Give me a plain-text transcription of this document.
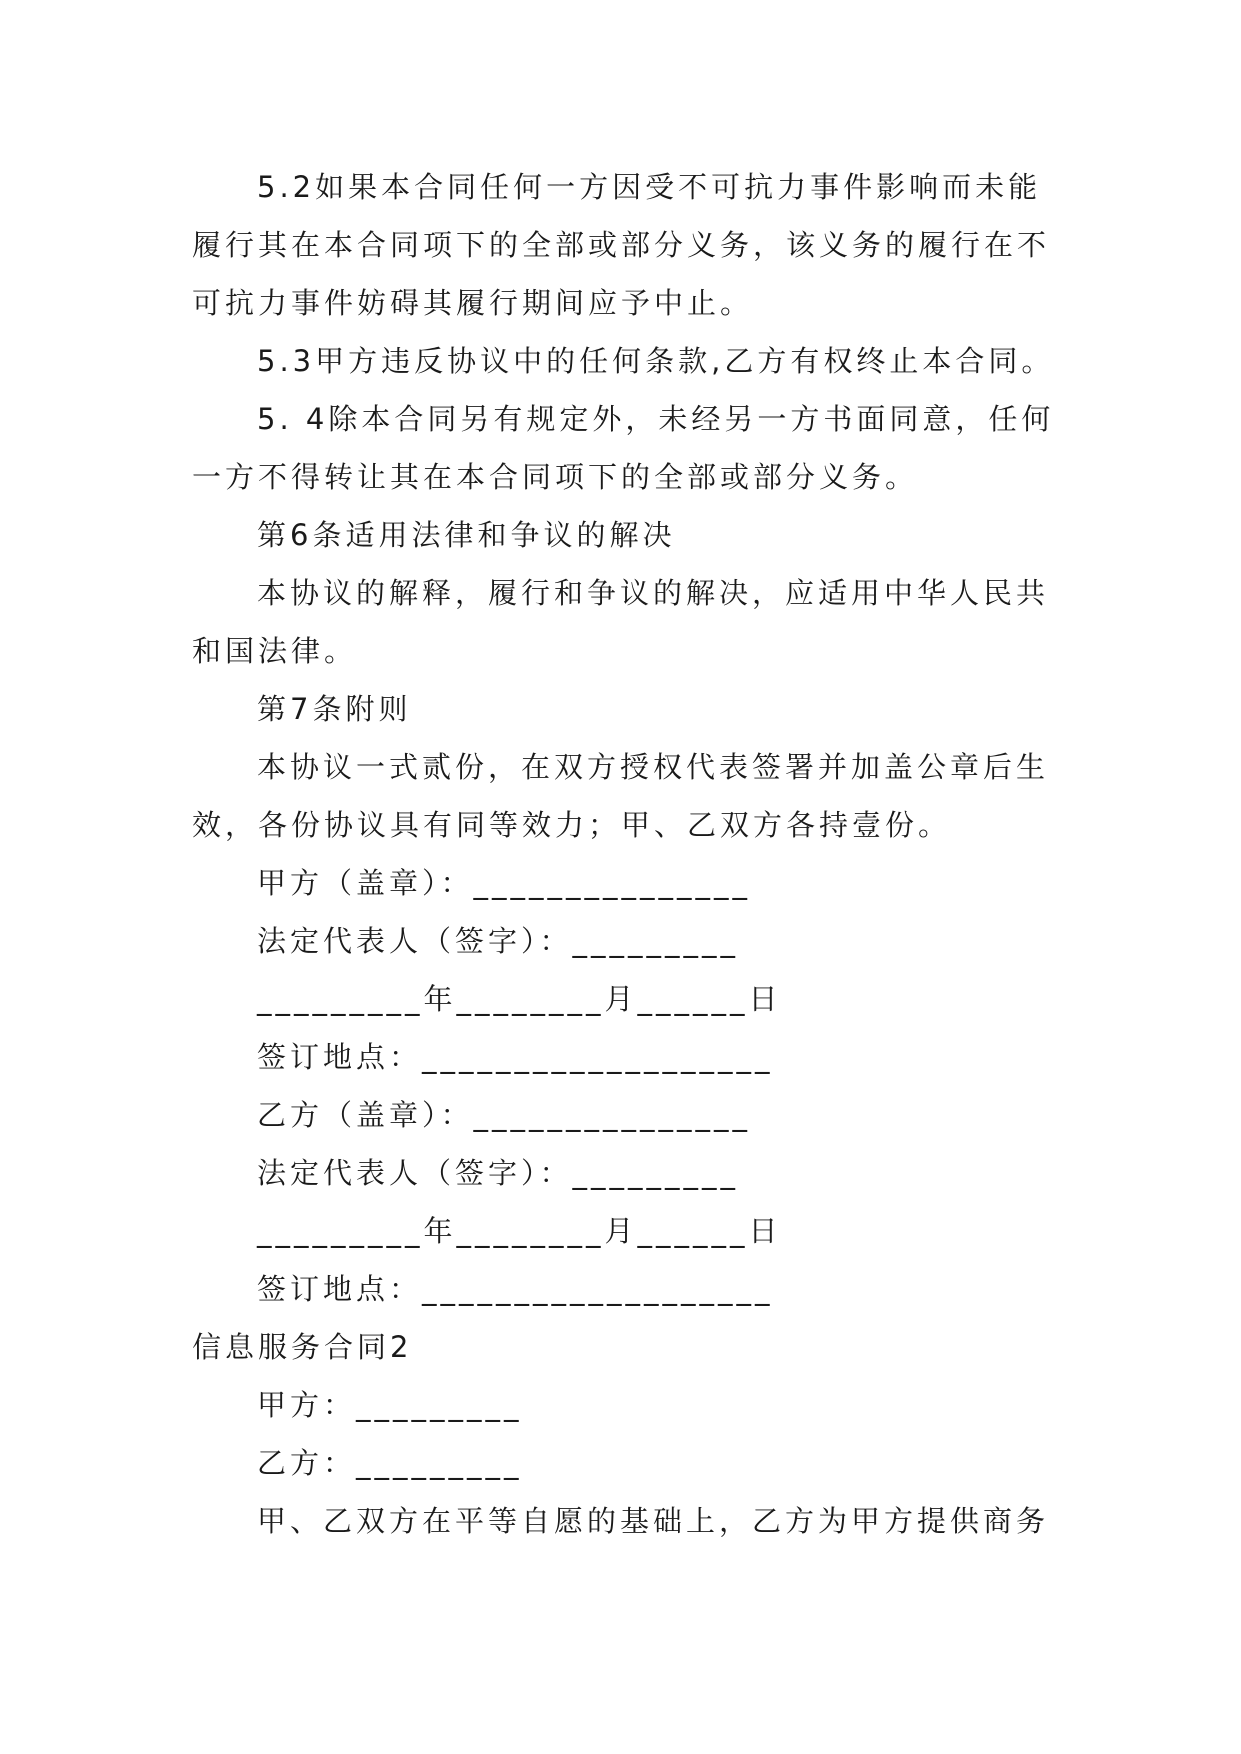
5.2如果本合同任何一方因受不可抗力事件影响而未能
履行其在本合同项下的全部或部分义务，该义务的履行在不
可抗力事件妨碍其履行期间应予中止。
5.3甲方违反协议中的任何条款,乙方有权终止本合同。
5. 4除本合同另有规定外，未经另一方书面同意，任何
一方不得转让其在本合同项下的全部或部分义务。
第6条适用法律和争议的解决
本协议的解释，履行和争议的解决，应适用中华人民共
和国法律。
第7条附则
本协议一式贰份，在双方授权代表签署并加盖公章后生
效，各份协议具有同等效力；甲、乙双方各持壹份。
甲方（盖章）：_______________
法定代表人（签字）：_________
_________年________月______日
签订地点：___________________
乙方（盖章）：_______________
法定代表人（签字）：_________
_________年________月______日
签订地点：___________________
信息服务合同2
甲方：_________
乙方：_________
甲、乙双方在平等自愿的基础上，乙方为甲方提供商务
